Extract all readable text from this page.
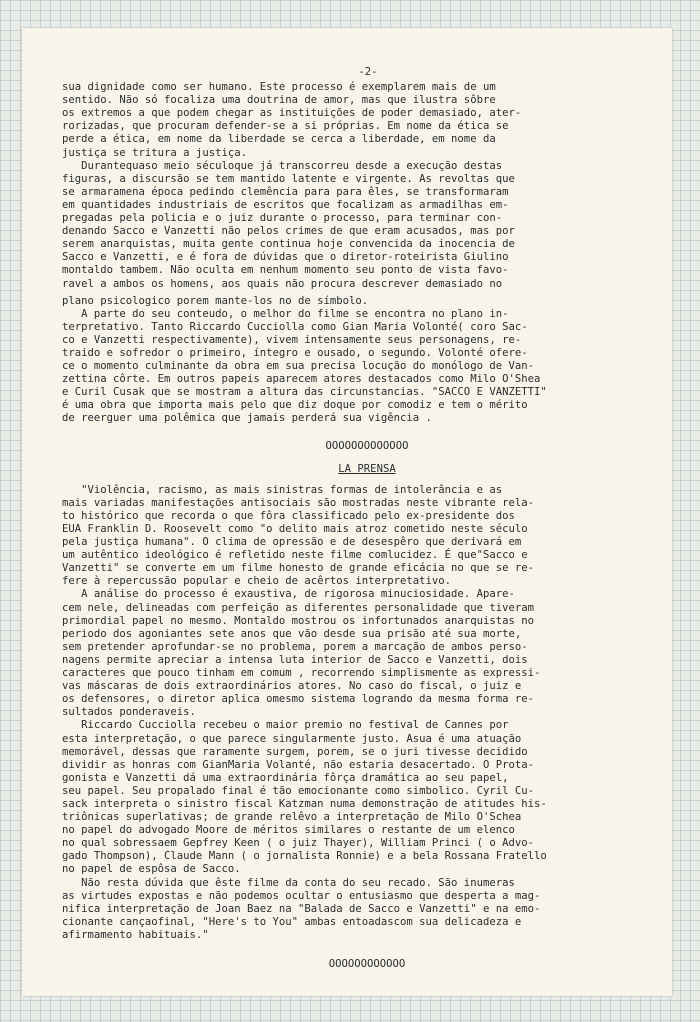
-2-
sua dignidade como ser humano. Este processo é exemplarem mais de um
sentido. Não só focaliza uma doutrina de amor, mas que ilustra sôbre
os extremos a que podem chegar as instituições de poder demasiado, ater-
rorizadas, que procuram defender-se a si próprias. Em nome da ética se
perde a ética, em nome da liberdade se cerca a liberdade, em nome da
justiça se tritura a justiça.
Durantequaso meio séculoque já transcorreu desde a execução destas
figuras, a discursão se tem mantido latente e virgente. As revoltas que
se armaramena época pedindo clemência para para êles, se transformaram
em quantidades industriais de escritos que focalizam as armadilhas em-
pregadas pela policia e o juiz durante o processo, para terminar con-
denando Sacco e Vanzetti não pelos crimes de que eram acusados, mas por
serem anarquistas, muita gente continua hoje convencida da inocencia de
Sacco e Vanzetti, e é fora de dúvidas que o diretor-roteirista Giulino
montaldo tambem. Não oculta em nenhum momento seu ponto de vista favo-
ravel a ambos os homens, aos quais não procura descrever demasiado no
plano psicologico porem mante-los no de símbolo.
A parte do seu conteudo, o melhor do filme se encontra no plano in-
terpretativo. Tanto Riccardo Cucciolla como Gian Maria Volonté( coro Sac-
co e Vanzetti respectivamente), vivem intensamente seus personagens, re-
traido e sofredor o primeiro, íntegro e ousado, o segundo. Volonté ofere-
ce o momento culminante da obra em sua precisa locução do monólogo de Van-
zettina côrte. Em outros papeis aparecem atores destacados como Milo O'Shea
e Curil Cusak que se mostram a altura das circunstancias. "SACCO E VANZETTI"
é uma obra que importa mais pelo que diz doque por comodiz e tem o mérito
de reerguer uma polêmica que jamais perderá sua vigência .
OOOOOOOOOOOOO
LA PRENSA
"Violência, racismo, as mais sinistras formas de intolerância e as
mais variadas manifestações antisociais são mostradas neste vibrante rela-
to histórico que recorda o que fôra classificado pelo ex-presidente dos
EUA Franklin D. Roosevelt como "o delito mais atroz cometido neste século
pela justiça humana". O clima de opressão e de desespêro que derivará em
um autêntico ideológico é refletido neste filme comlucidez. É que"Sacco e
Vanzetti" se converte em um filme honesto de grande eficácia no que se re-
fere à repercussão popular e cheio de acêrtos interpretativo.
A análise do processo é exaustiva, de rigorosa minuciosidade. Apare-
cem nele, delineadas com perfeição as diferentes personalidade que tiveram
primordial papel no mesmo. Montaldo mostrou os infortunados anarquistas no
periodo dos agoniantes sete anos que vão desde sua prisão até sua morte,
sem pretender aprofundar-se no problema, porem a marcação de ambos perso-
nagens permite apreciar a intensa luta interior de Sacco e Vanzetti, dois
caracteres que pouco tinham em comum , recorrendo simplismente as expressi-
vas máscaras de dois extraordinários atores. No caso do fiscal, o juiz e
os defensores, o diretor aplica omesmo sistema logrando da mesma forma re-
sultados ponderaveis.
Riccardo Cucciolla recebeu o maior premio no festival de Cannes por
esta interpretação, o que parece singularmente justo. Asua é uma atuação
memorável, dessas que raramente surgem, porem, se o juri tivesse decidido
dividir as honras com GianMaria Volanté, não estaria desacertado. O Prota-
gonista e Vanzetti dá uma extraordinária fôrça dramática ao seu papel,
seu papel. Seu propalado final é tão emocionante como simbolico. Cyril Cu-
sack interpreta o sinistro fiscal Katzman numa demonstração de atitudes his-
triônicas superlativas; de grande relêvo a interpretação de Milo O'Schea
no papel do advogado Moore de méritos similares o restante de um elenco
no qual sobressaem Gepfrey Keen ( o juiz Thayer), William Princi ( o Advo-
gado Thompson), Claude Mann ( o jornalista Ronnie) e a bela Rossana Fratello
no papel de espôsa de Sacco.
Não resta dúvida que êste filme da conta do seu recado. São inumeras
as virtudes expostas e não podemos ocultar o entusiasmo que desperta a mag-
nifica interpretação de Joan Baez na "Balada de Sacco e Vanzetti" e na emo-
cionante cançaofinal, "Here's to You" ambas entoadascom sua delicadeza e
afirmamento habituais."
OOOOOOOOOOOO
